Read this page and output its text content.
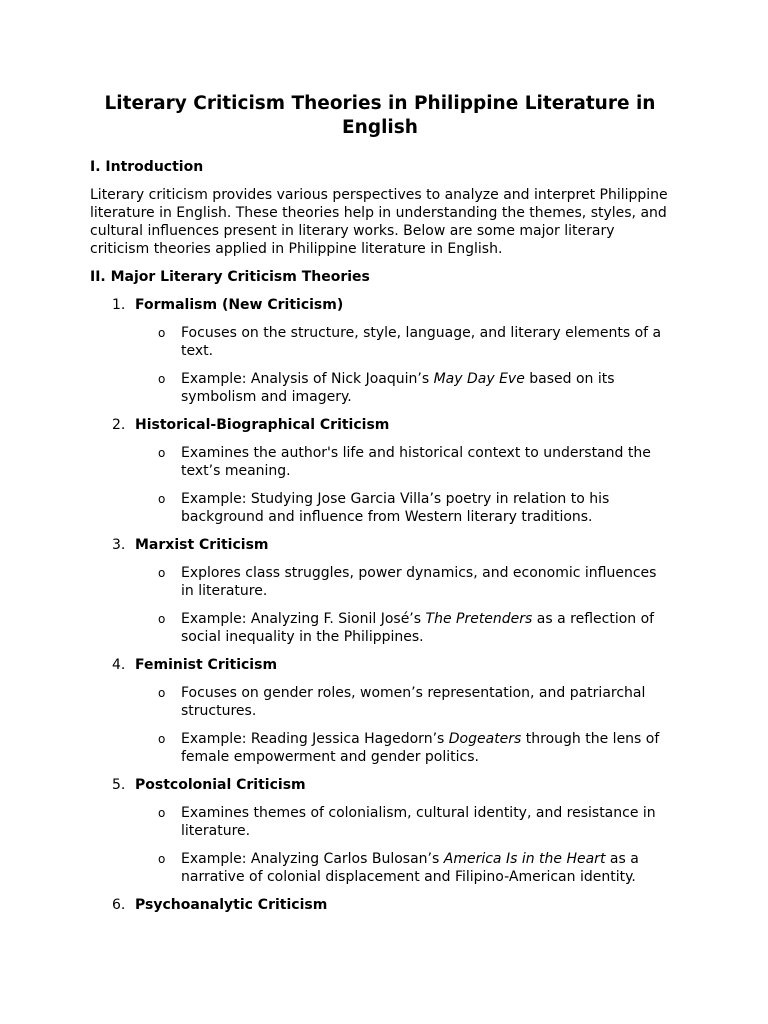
Literary Criticism Theories in Philippine Literature in English
I. Introduction

Literary criticism provides various perspectives to analyze and interpret Philippine literature in English. These theories help in understanding the themes, styles, and cultural influences present in literary works. Below are some major literary criticism theories applied in Philippine literature in English.

II. Major Literary Criticism Theories
1. Formalism (New Criticism)
o Focuses on the structure, style, language, and literary elements of a text.
o Example: Analysis of Nick Joaquin’s May Day Eve based on its symbolism and imagery.
2. Historical-Biographical Criticism
o Examines the author's life and historical context to understand the text’s meaning.
o Example: Studying Jose Garcia Villa’s poetry in relation to his background and influence from Western literary traditions.
3. Marxist Criticism
o Explores class struggles, power dynamics, and economic influences in literature.
o Example: Analyzing F. Sionil José’s The Pretenders as a reflection of social inequality in the Philippines.
4. Feminist Criticism
o Focuses on gender roles, women’s representation, and patriarchal structures.
o Example: Reading Jessica Hagedorn’s Dogeaters through the lens of female empowerment and gender politics.
5. Postcolonial Criticism
o Examines themes of colonialism, cultural identity, and resistance in literature.
o Example: Analyzing Carlos Bulosan’s America Is in the Heart as a narrative of colonial displacement and Filipino-American identity.
6. Psychoanalytic Criticism
